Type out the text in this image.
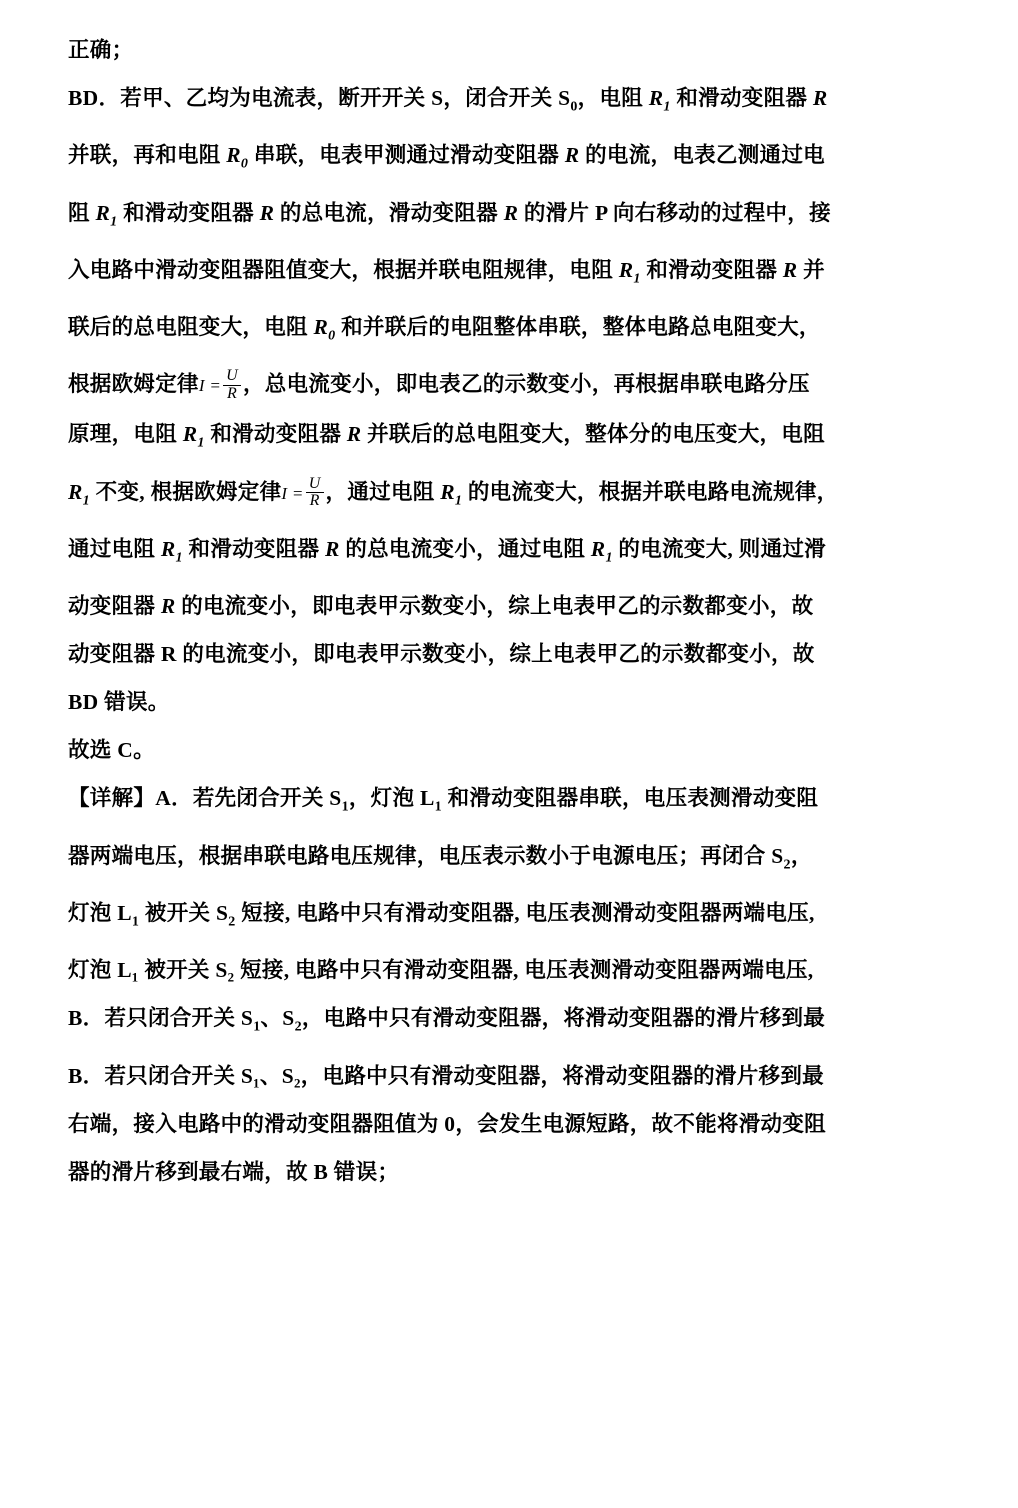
正确；

BD．若甲、乙均为电流表，断开开关 S，闭合开关 $S_0$，电阻 $R_1$ 和滑动变阻器 R

并联，再和电阻 $R_0$ 串联，电表甲测通过滑动变阻器 R 的电流，电表乙测通过电

阻 $R_1$ 和滑动变阻器 R 的总电流，滑动变阻器 R 的滑片 P 向右移动的过程中，接

入电路中滑动变阻器阻值变大，根据并联电阻规律，电阻 $R_1$ 和滑动变阻器 R 并

联后的总电阻变大，电阻 $R_0$ 和并联后的电阻整体串联，整体电路总电阻变大，

根据欧姆定律$I = \frac{U}{R}$ ，总电流变小，即电表乙的示数变小，再根据串联电路分压

原理，电阻 $R_1$ 和滑动变阻器 R 并联后的总电阻变大，整体分的电压变大，电阻

$R_1$ 不变, 根据欧姆定律$I = \frac{U}{R}$ ，通过电阻 $R_1$ 的电流变大，根据并联电路电流规律，

通过电阻 $R_1$ 和滑动变阻器 R 的总电流变小，通过电阻 $R_1$ 的电流变大, 则通过滑

动变阻器 R 的电流变小，即电表甲示数变小，综上电表甲乙的示数都变小，故

动变阻器 R 的电流变小，即电表甲示数变小，综上电表甲乙的示数都变小，故

BD 错误。

故选 C。

【详解】A．若先闭合开关 $S_1$，灯泡 $L_1$ 和滑动变阻器串联，电压表测滑动变阻

器两端电压，根据串联电路电压规律，电压表示数小于电源电压；再闭合 $S_2$，

灯泡 $L_1$ 被开关 $S_2$ 短接, 电路中只有滑动变阻器, 电压表测滑动变阻器两端电压,

灯泡 L₁ 被开关 S₂ 短接, 电路中只有滑动变阻器, 电压表测滑动变阻器两端电压,

B．若只闭合开关 $S_1$、$S_2$，电路中只有滑动变阻器，将滑动变阻器的滑片移到最

B．若只闭合开关 S₁、S₂，电路中只有滑动变阻器，将滑动变阻器的滑片移到最

右端，接入电路中的滑动变阻器阻值为 0，会发生电源短路，故不能将滑动变阻

器的滑片移到最右端，故 B 错误；
